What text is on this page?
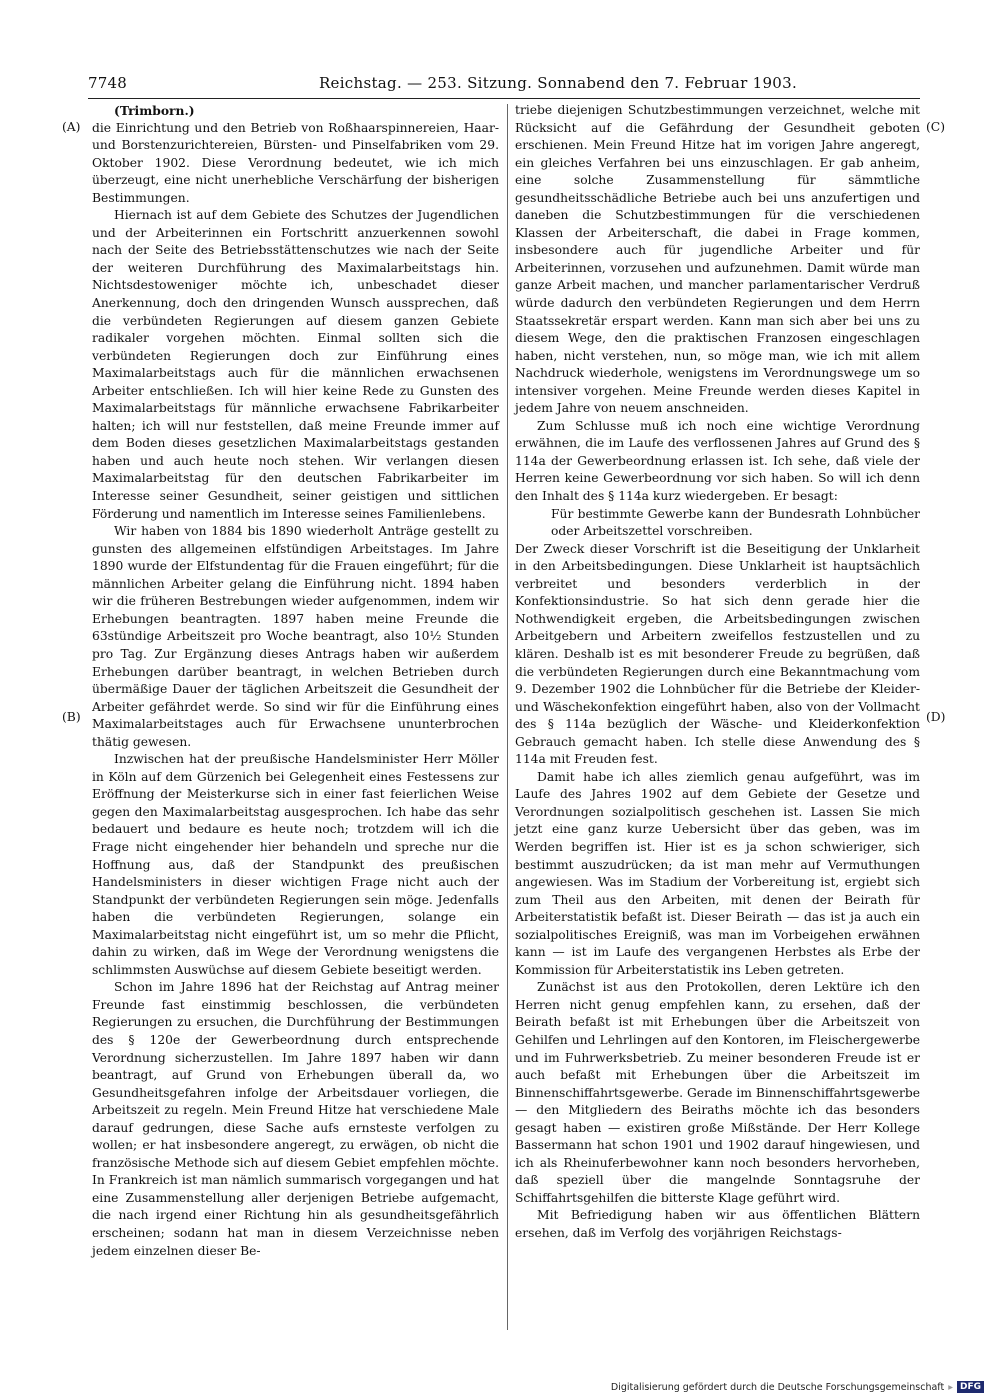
7748	Reichstag. — 253. Sitzung. Sonnabend den 7. Februar 1903.
(A)	(C)
(B)	(D)

(Trimborn.)

die Einrichtung und den Betrieb von Roßhaarspinnereien, Haar- und Borstenzurichtereien, Bürsten- und Pinselfabriken vom 29. Oktober 1902. Diese Verordnung bedeutet, wie ich mich überzeugt, eine nicht unerhebliche Verschärfung der bisherigen Bestimmungen.

Hiernach ist auf dem Gebiete des Schutzes der Jugendlichen und der Arbeiterinnen ein Fortschritt anzuerkennen sowohl nach der Seite des Betriebsstättenschutzes wie nach der Seite der weiteren Durchführung des Maximalarbeitstags hin. Nichtsdestoweniger möchte ich, unbeschadet dieser Anerkennung, doch den dringenden Wunsch aussprechen, daß die verbündeten Regierungen auf diesem ganzen Gebiete radikaler vorgehen möchten. Einmal sollten sich die verbündeten Regierungen doch zur Einführung eines Maximalarbeitstags auch für die männlichen erwachsenen Arbeiter entschließen. Ich will hier keine Rede zu Gunsten des Maximalarbeitstags für männliche erwachsene Fabrikarbeiter halten; ich will nur feststellen, daß meine Freunde immer auf dem Boden dieses gesetzlichen Maximalarbeitstags gestanden haben und auch heute noch stehen. Wir verlangen diesen Maximalarbeitstag für den deutschen Fabrikarbeiter im Interesse seiner Gesundheit, seiner geistigen und sittlichen Förderung und namentlich im Interesse seines Familienlebens.

Wir haben von 1884 bis 1890 wiederholt Anträge gestellt zu gunsten des allgemeinen elfstündigen Arbeitstages. Im Jahre 1890 wurde der Elfstundentag für die Frauen eingeführt; für die männlichen Arbeiter gelang die Einführung nicht. 1894 haben wir die früheren Bestrebungen wieder aufgenommen, indem wir Erhebungen beantragten. 1897 haben meine Freunde die 63stündige Arbeitszeit pro Woche beantragt, also 10½ Stunden pro Tag. Zur Ergänzung dieses Antrags haben wir außerdem Erhebungen darüber beantragt, in welchen Betrieben durch übermäßige Dauer der täglichen Arbeitszeit die Gesundheit der Arbeiter gefährdet werde. So sind wir für die Einführung eines Maximalarbeitstages auch für Erwachsene ununterbrochen thätig gewesen.

Inzwischen hat der preußische Handelsminister Herr Möller in Köln auf dem Gürzenich bei Gelegenheit eines Festessens zur Eröffnung der Meisterkurse sich in einer fast feierlichen Weise gegen den Maximalarbeitstag ausgesprochen. Ich habe das sehr bedauert und bedaure es heute noch; trotzdem will ich die Frage nicht eingehender hier behandeln und spreche nur die Hoffnung aus, daß der Standpunkt des preußischen Handelsministers in dieser wichtigen Frage nicht auch der Standpunkt der verbündeten Regierungen sein möge. Jedenfalls haben die verbündeten Regierungen, solange ein Maximalarbeitstag nicht eingeführt ist, um so mehr die Pflicht, dahin zu wirken, daß im Wege der Verordnung wenigstens die schlimmsten Auswüchse auf diesem Gebiete beseitigt werden.

Schon im Jahre 1896 hat der Reichstag auf Antrag meiner Freunde fast einstimmig beschlossen, die verbündeten Regierungen zu ersuchen, die Durchführung der Bestimmungen des § 120e der Gewerbeordnung durch entsprechende Verordnung sicherzustellen. Im Jahre 1897 haben wir dann beantragt, auf Grund von Erhebungen überall da, wo Gesundheitsgefahren infolge der Arbeitsdauer vorliegen, die Arbeitszeit zu regeln. Mein Freund Hitze hat verschiedene Male darauf gedrungen, diese Sache aufs ernsteste verfolgen zu wollen; er hat insbesondere angeregt, zu erwägen, ob nicht die französische Methode sich auf diesem Gebiet empfehlen möchte. In Frankreich ist man nämlich summarisch vorgegangen und hat eine Zusammenstellung aller derjenigen Betriebe aufgemacht, die nach irgend einer Richtung hin als gesundheitsgefährlich erscheinen; sodann hat man in diesem Verzeichnisse neben jedem einzelnen dieser Be-

triebe diejenigen Schutzbestimmungen verzeichnet, welche mit Rücksicht auf die Gefährdung der Gesundheit geboten erschienen. Mein Freund Hitze hat im vorigen Jahre angeregt, ein gleiches Verfahren bei uns einzuschlagen. Er gab anheim, eine solche Zusammenstellung für sämmtliche gesundheitsschädliche Betriebe auch bei uns anzufertigen und daneben die Schutzbestimmungen für die verschiedenen Klassen der Arbeiterschaft, die dabei in Frage kommen, insbesondere auch für jugendliche Arbeiter und für Arbeiterinnen, vorzusehen und aufzunehmen. Damit würde man ganze Arbeit machen, und mancher parlamentarischer Verdruß würde dadurch den verbündeten Regierungen und dem Herrn Staatssekretär erspart werden. Kann man sich aber bei uns zu diesem Wege, den die praktischen Franzosen eingeschlagen haben, nicht verstehen, nun, so möge man, wie ich mit allem Nachdruck wiederhole, wenigstens im Verordnungswege um so intensiver vorgehen. Meine Freunde werden dieses Kapitel in jedem Jahre von neuem anschneiden.

Zum Schlusse muß ich noch eine wichtige Verordnung erwähnen, die im Laufe des verflossenen Jahres auf Grund des § 114a der Gewerbeordnung erlassen ist. Ich sehe, daß viele der Herren keine Gewerbeordnung vor sich haben. So will ich denn den Inhalt des § 114a kurz wiedergeben. Er besagt:

Für bestimmte Gewerbe kann der Bundesrath Lohnbücher oder Arbeitszettel vorschreiben.

Der Zweck dieser Vorschrift ist die Beseitigung der Unklarheit in den Arbeitsbedingungen. Diese Unklarheit ist hauptsächlich verbreitet und besonders verderblich in der Konfektionsindustrie. So hat sich denn gerade hier die Nothwendigkeit ergeben, die Arbeitsbedingungen zwischen Arbeitgebern und Arbeitern zweifellos festzustellen und zu klären. Deshalb ist es mit besonderer Freude zu begrüßen, daß die verbündeten Regierungen durch eine Bekanntmachung vom 9. Dezember 1902 die Lohnbücher für die Betriebe der Kleider- und Wäschekonfektion eingeführt haben, also von der Vollmacht des § 114a bezüglich der Wäsche- und Kleiderkonfektion Gebrauch gemacht haben. Ich stelle diese Anwendung des § 114a mit Freuden fest.

Damit habe ich alles ziemlich genau aufgeführt, was im Laufe des Jahres 1902 auf dem Gebiete der Gesetze und Verordnungen sozialpolitisch geschehen ist. Lassen Sie mich jetzt eine ganz kurze Uebersicht über das geben, was im Werden begriffen ist. Hier ist es ja schon schwieriger, sich bestimmt auszudrücken; da ist man mehr auf Vermuthungen angewiesen. Was im Stadium der Vorbereitung ist, ergiebt sich zum Theil aus den Arbeiten, mit denen der Beirath für Arbeiterstatistik befaßt ist. Dieser Beirath — das ist ja auch ein sozialpolitisches Ereigniß, was man im Vorbeigehen erwähnen kann — ist im Laufe des vergangenen Herbstes als Erbe der Kommission für Arbeiterstatistik ins Leben getreten.

Zunächst ist aus den Protokollen, deren Lektüre ich den Herren nicht genug empfehlen kann, zu ersehen, daß der Beirath befaßt ist mit Erhebungen über die Arbeitszeit von Gehilfen und Lehrlingen auf den Kontoren, im Fleischergewerbe und im Fuhrwerksbetrieb. Zu meiner besonderen Freude ist er auch befaßt mit Erhebungen über die Arbeitszeit im Binnenschiffahrtsgewerbe. Gerade im Binnenschiffahrtsgewerbe — den Mitgliedern des Beiraths möchte ich das besonders gesagt haben — existiren große Mißstände. Der Herr Kollege Bassermann hat schon 1901 und 1902 darauf hingewiesen, und ich als Rheinuferbewohner kann noch besonders hervorheben, daß speziell über die mangelnde Sonntagsruhe der Schiffahrtsgehilfen die bitterste Klage geführt wird.

Mit Befriedigung haben wir aus öffentlichen Blättern ersehen, daß im Verfolg des vorjährigen Reichstags-

Digitalisierung gefördert durch die Deutsche Forschungsgemeinschaft ▸ DFG
